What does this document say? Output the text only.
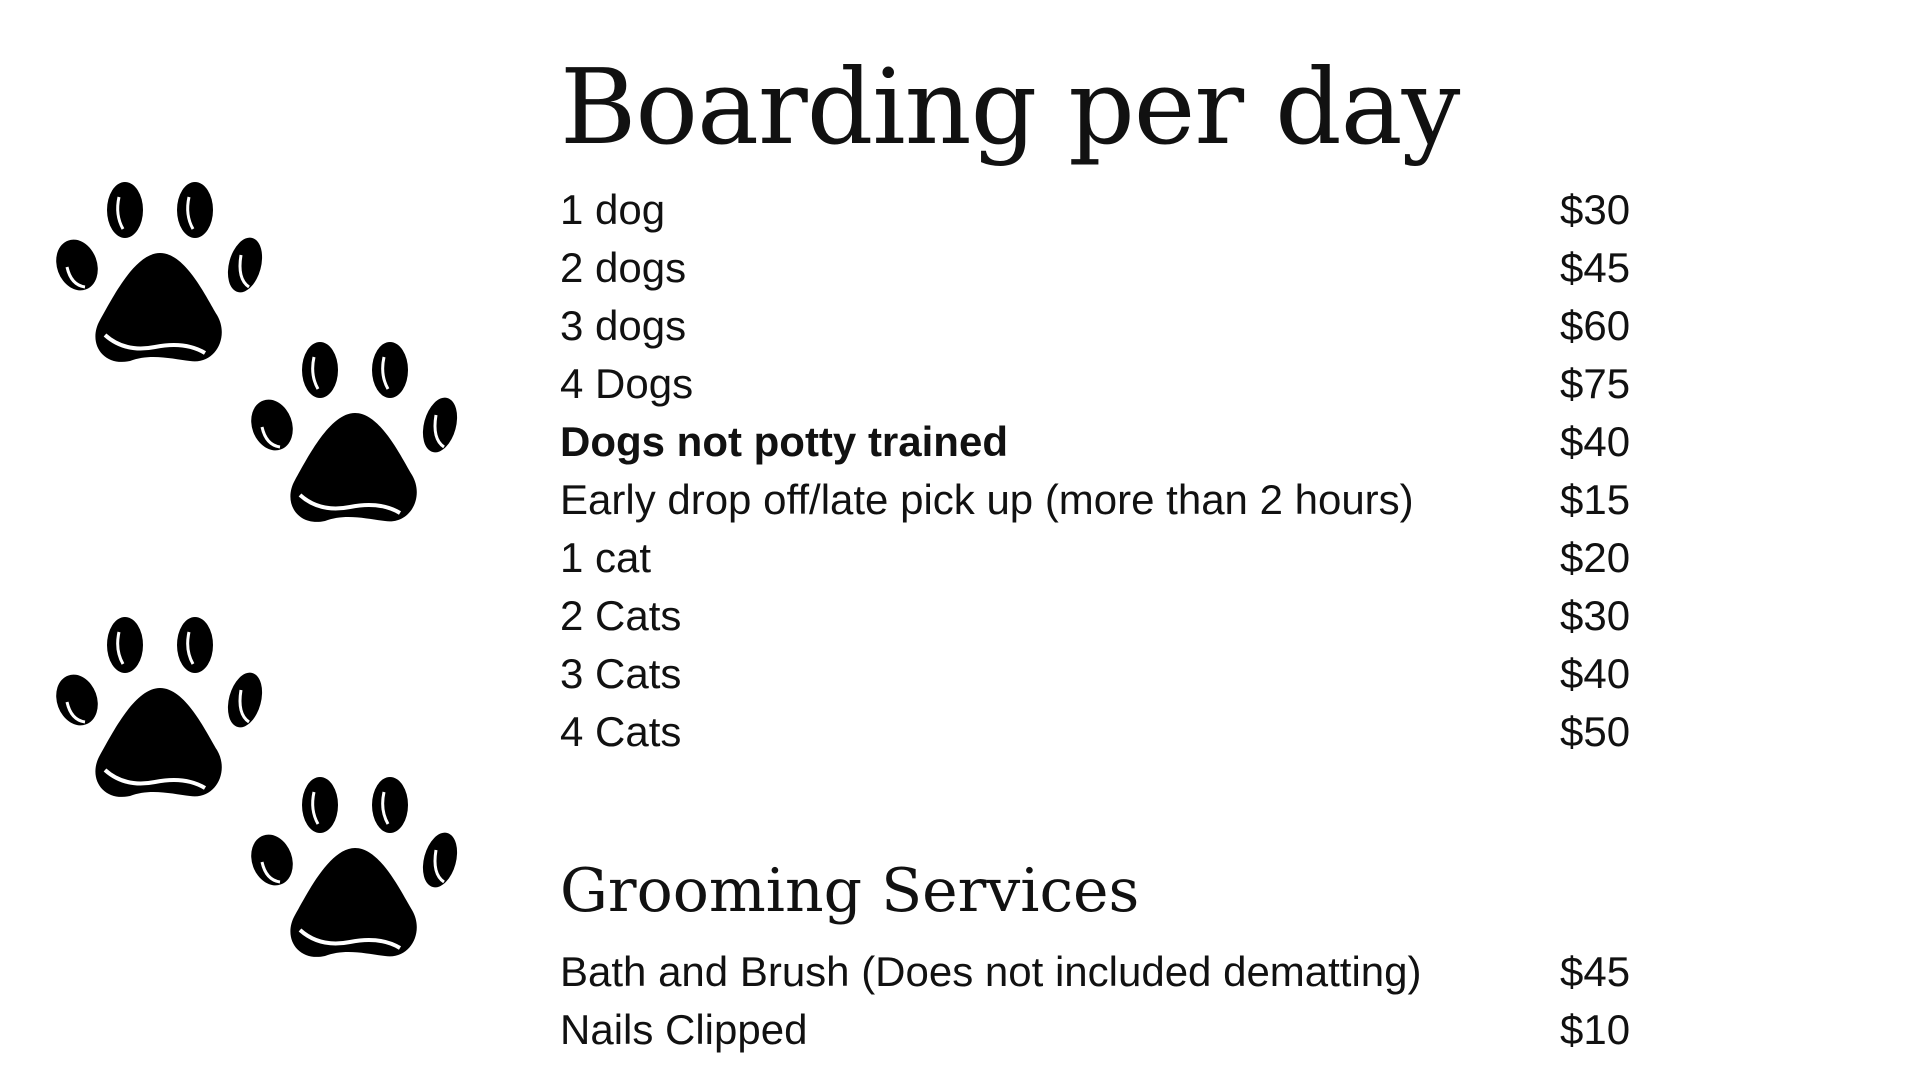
Boarding per day
1 dog	$30
2 dogs	$45
3 dogs	$60
4 Dogs	$75
Dogs not potty trained	$40
Early drop off/late pick up (more than 2 hours)	$15
1 cat	$20
2 Cats	$30
3 Cats	$40
4 Cats	$50
Grooming Services
Bath and Brush (Does not included dematting)	$45
Nails Clipped	$10
